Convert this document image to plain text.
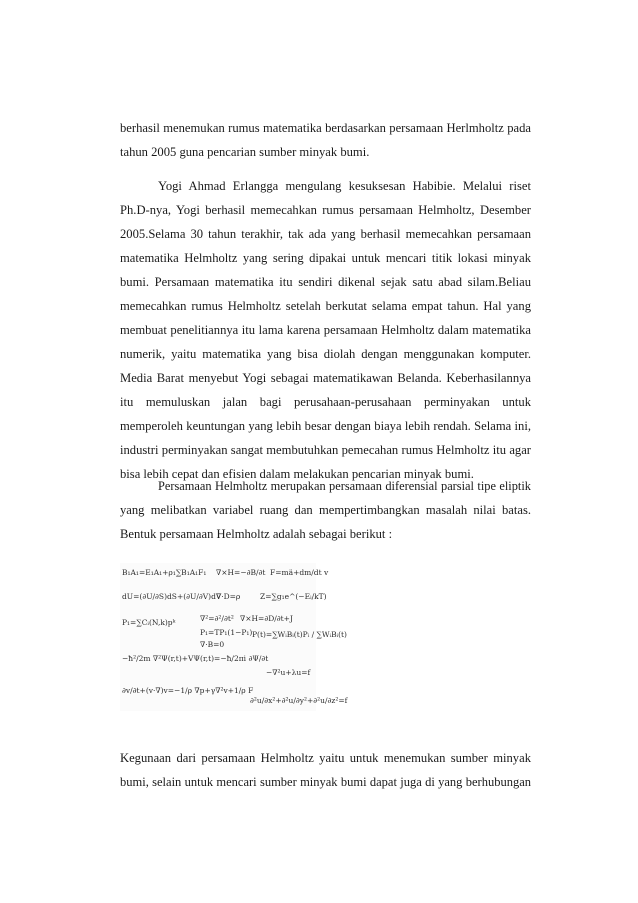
berhasil menemukan rumus matematika berdasarkan persamaan Herlmholtz pada
tahun 2005 guna pencarian sumber minyak bumi.
Yogi Ahmad Erlangga mengulang kesuksesan Habibie. Melalui riset
Ph.D-nya, Yogi berhasil memecahkan rumus persamaan Helmholtz, Desember
2005.Selama 30 tahun terakhir, tak ada yang berhasil memecahkan persamaan
matematika Helmholtz yang sering dipakai untuk mencari titik lokasi minyak
bumi. Persamaan matematika itu sendiri dikenal sejak satu abad silam.Beliau
memecahkan rumus Helmholtz setelah berkutat selama empat tahun. Hal yang
membuat penelitiannya itu lama karena persamaan Helmholtz dalam matematika
numerik, yaitu matematika yang bisa diolah dengan menggunakan komputer.
Media Barat menyebut Yogi sebagai matematikawan Belanda. Keberhasilannya
itu memuluskan jalan bagi perusahaan-perusahaan perminyakan untuk
memperoleh keuntungan yang lebih besar dengan biaya lebih rendah. Selama ini,
industri perminyakan sangat membutuhkan pemecahan rumus Helmholtz itu agar
bisa lebih cepat dan efisien dalam melakukan pencarian minyak bumi.
Persamaan Helmholtz merupakan persamaan diferensial parsial tipe eliptik
yang melibatkan variabel ruang dan mempertimbangkan masalah nilai batas.
Bentuk persamaan Helmholtz adalah sebagai berikut :
B₁A₁=E₁A₁+ρ₁∑B₁A₁F₁ ∇×H=−∂B/∂t F=mä+dm/dt v
dU=(∂U/∂S)dS+(∂U/∂V)dV
∇·D=ρ	Z=∑g₁e^(−Eᵢ/kT)
P₁=∑Cᵢ(N,k)pᵏ	∇²=∂²/∂t² ∇×H=∂D/∂t+J
P₁=TP₁(1−P₁) P(t)=∑WᵢBᵢ(t)Pᵢ / ∑WᵢBᵢ(t)
∇·B=0
−ħ²/2m ∇²Ψ(r,t)+VΨ(r,t)=−ħ/2πi ∂Ψ/∂t
−∇²u+λu=f
∂v/∂t+(v·∇)v=−1/ρ ∇p+γ∇²v+1/ρ F
∂²u/∂x²+∂²u/∂y²+∂²u/∂z²=f
Kegunaan dari persamaan Helmholtz yaitu untuk menemukan sumber minyak
bumi, selain untuk mencari sumber minyak bumi dapat juga di yang berhubungan
